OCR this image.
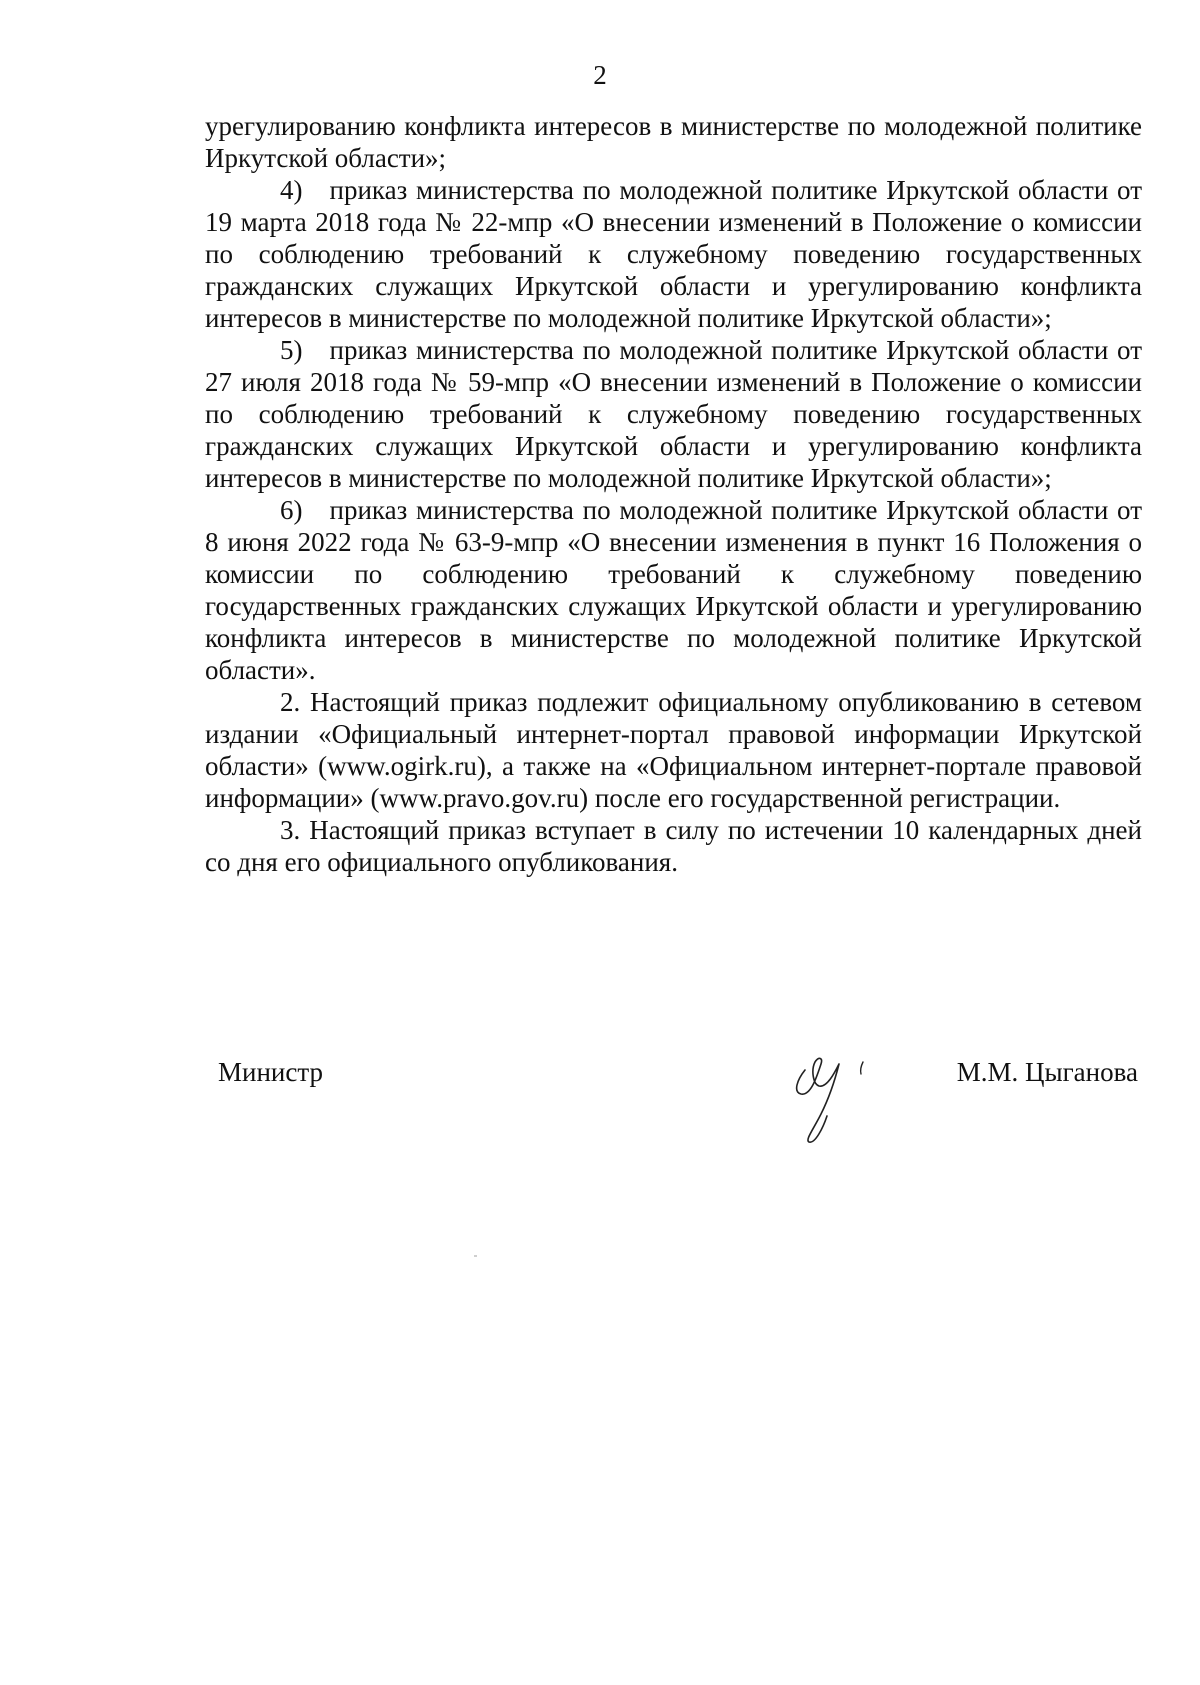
2

урегулированию конфликта интересов в министерстве по молодежной политике Иркутской области»;

4) приказ министерства по молодежной политике Иркутской области от 19 марта 2018 года № 22-мпр «О внесении изменений в Положение о комиссии по соблюдению требований к служебному поведению государственных гражданских служащих Иркутской области и урегулированию конфликта интересов в министерстве по молодежной политике Иркутской области»;

5) приказ министерства по молодежной политике Иркутской области от 27 июля 2018 года № 59-мпр «О внесении изменений в Положение о комиссии по соблюдению требований к служебному поведению государственных гражданских служащих Иркутской области и урегулированию конфликта интересов в министерстве по молодежной политике Иркутской области»;

6) приказ министерства по молодежной политике Иркутской области от 8 июня 2022 года № 63-9-мпр «О внесении изменения в пункт 16 Положения о комиссии по соблюдению требований к служебному поведению государственных гражданских служащих Иркутской области и урегулированию конфликта интересов в министерстве по молодежной политике Иркутской области».

2. Настоящий приказ подлежит официальному опубликованию в сетевом издании «Официальный интернет-портал правовой информации Иркутской области» (www.ogirk.ru), а также на «Официальном интернет-портале правовой информации» (www.pravo.gov.ru) после его государственной регистрации.

3. Настоящий приказ вступает в силу по истечении 10 календарных дней со дня его официального опубликования.

Министр	М.М. Цыганова
